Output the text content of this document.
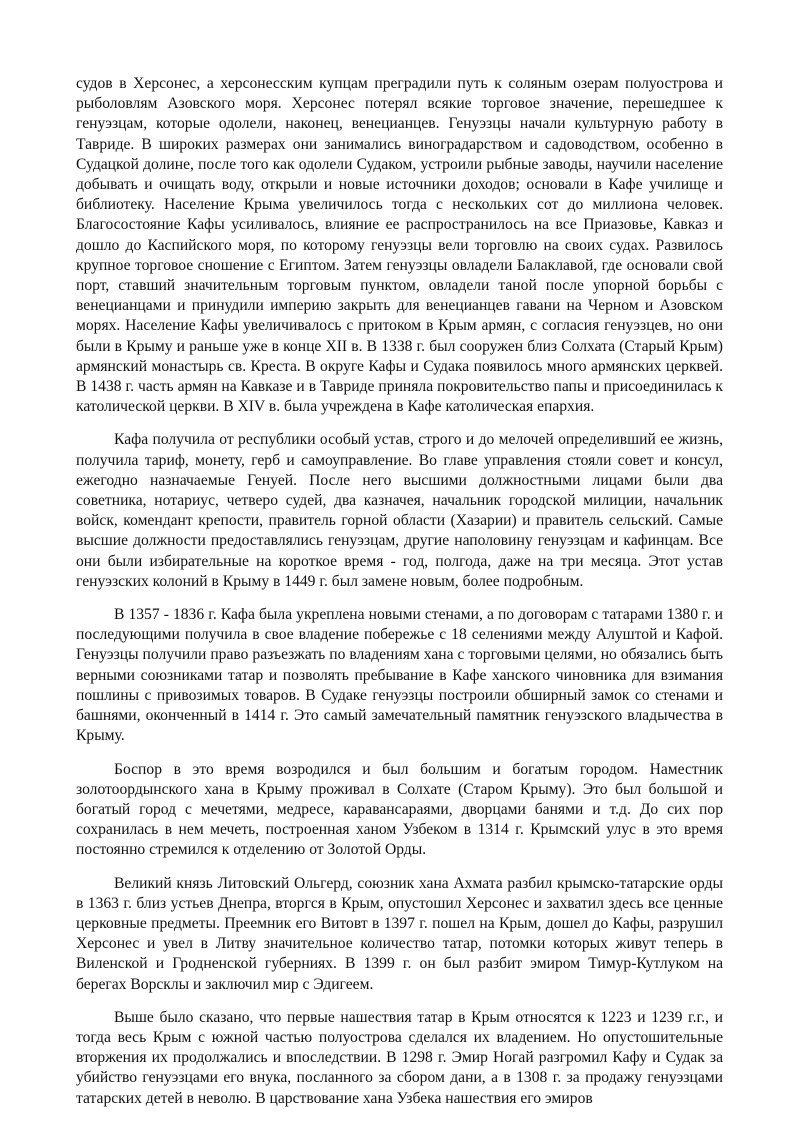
судов в Херсонес, а херсонесским купцам преградили путь к соляным озерам полуострова и рыболовлям Азовского моря. Херсонес потерял всякие торговое значение, перешедшее к генуэзцам, которые одолели, наконец, венецианцев. Генуэзцы начали культурную работу в Тавриде. В широких размерах они занимались виноградарством и садоводством, особенно в Судацкой долине, после того как одолели Судаком, устроили рыбные заводы, научили население добывать и очищать воду, открыли и новые источники доходов; основали в Кафе училище и библиотеку. Население Крыма увеличилось тогда с нескольких сот до миллиона человек. Благосостояние Кафы усиливалось, влияние ее распространилось на все Приазовье, Кавказ и дошло до Каспийского моря, по которому генуэзцы вели торговлю на своих судах. Развилось крупное торговое сношение с Египтом. Затем генуэзцы овладели Балаклавой, где основали свой порт, ставший значительным торговым пунктом, овладели таной после упорной борьбы с венецианцами и принудили империю закрыть для венецианцев гавани на Черном и Азовском морях. Население Кафы увеличивалось с притоком в Крым армян, с согласия генуэзцев, но они были в Крыму и раньше уже в конце XII в. В 1338 г. был сооружен близ Солхата (Старый Крым) армянский монастырь св. Креста. В округе Кафы и Судака появилось много армянских церквей. В 1438 г. часть армян на Кавказе и в Тавриде приняла покровительство папы и присоединилась к католической церкви. В XIV в. была учреждена в Кафе католическая епархия.

Кафа получила от республики особый устав, строго и до мелочей определивший ее жизнь, получила тариф, монету, герб и самоуправление. Во главе управления стояли совет и консул, ежегодно назначаемые Генуей. После него высшими должностными лицами были два советника, нотариус, четверо судей, два казначея, начальник городской милиции, начальник войск, комендант крепости, правитель горной области (Хазарии) и правитель сельский. Самые высшие должности предоставлялись генуэзцам, другие наполовину генуэзцам и кафинцам. Все они были избирательные на короткое время - год, полгода, даже на три месяца. Этот устав генуэзских колоний в Крыму в 1449 г. был замене новым, более подробным.

В 1357 - 1836 г. Кафа была укреплена новыми стенами, а по договорам с татарами 1380 г. и последующими получила в свое владение побережье с 18 селениями между Алуштой и Кафой. Генуэзцы получили право разъезжать по владениям хана с торговыми целями, но обязались быть верными союзниками татар и позволять пребывание в Кафе ханского чиновника для взимания пошлины с привозимых товаров. В Судаке генуэзцы построили обширный замок со стенами и башнями, оконченный в 1414 г. Это самый замечательный памятник генуэзского владычества в Крыму.

Боспор в это время возродился и был большим и богатым городом. Наместник золотоордынского хана в Крыму проживал в Солхате (Старом Крыму). Это был большой и богатый город с мечетями, медресе, каравансараями, дворцами банями и т.д. До сих пор сохранилась в нем мечеть, построенная ханом Узбеком в 1314 г. Крымский улус в это время постоянно стремился к отделению от Золотой Орды.

Великий князь Литовский Ольгерд, союзник хана Ахмата разбил крымско-татарские орды в 1363 г. близ устьев Днепра, вторгся в Крым, опустошил Херсонес и захватил здесь все ценные церковные предметы. Преемник его Витовт в 1397 г. пошел на Крым, дошел до Кафы, разрушил Херсонес и увел в Литву значительное количество татар, потомки которых живут теперь в Виленской и Гродненской губерниях. В 1399 г. он был разбит эмиром Тимур-Кутлуком на берегах Ворсклы и заключил мир с Эдигеем.

Выше было сказано, что первые нашествия татар в Крым относятся к 1223 и 1239 г.г., и тогда весь Крым с южной частью полуострова сделался их владением. Но опустошительные вторжения их продолжались и впоследствии. В 1298 г. Эмир Ногай разгромил Кафу и Судак за убийство генуэзцами его внука, посланного за сбором дани, а в 1308 г. за продажу генуэзцами татарских детей в неволю. В царствование хана Узбека нашествия его эмиров
